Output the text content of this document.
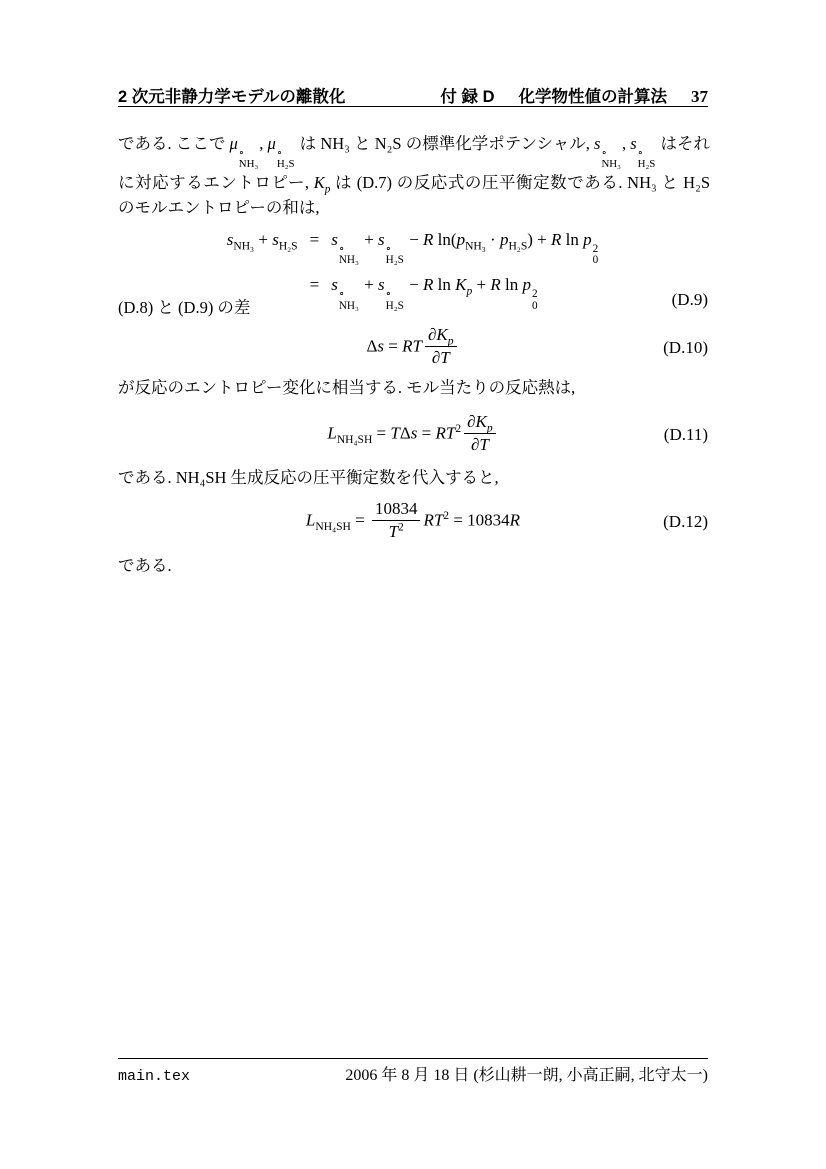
2 次元非静力学モデルの離散化	付 録 D 化学物性値の計算法 37

である. ここで μ ∘
NH₃
, μ ∘
H₂S
は NH₃ と N₂S の標準化学ポテンシャル, s ∘
NH₃
, s ∘
H₂S
はそれに対応するエントロピー, $K_p$ は (D.7) の反応式の圧平衡定数である. NH₃ と H₂S のモルエントロピーの和は,

$s_{NH_3} + s_{H_2S} = s$ ∘
NH₃
+ s ∘
H₂S
− R $\ln(p_{NH_3} \cdot p_{H_2S}) + R$ ln p 2
0
= s ∘
NH₃
+ s ∘
H₂S
− R $\ln K_p + R$ ln p 2
0	(D.9)

(D.8) と (D.9) の差

Δs = RT $\frac{\partial K_p}{\partial T}$	(D.10)

が反応のエントロピー変化に相当する. モル当たりの反応熱は,

$L_{NH_4SH} = T\Delta s = RT^2 \frac{\partial K_p}{\partial T}$	(D.11)

である. NH₄SH 生成反応の圧平衡定数を代入すると,

$L_{NH_4SH} = \frac{10834}{T^2} RT^2 = 10834R$	(D.12)

である.

main.tex	2006 年 8 月 18 日 (杉山耕一朗, 小高正嗣, 北守太一)
